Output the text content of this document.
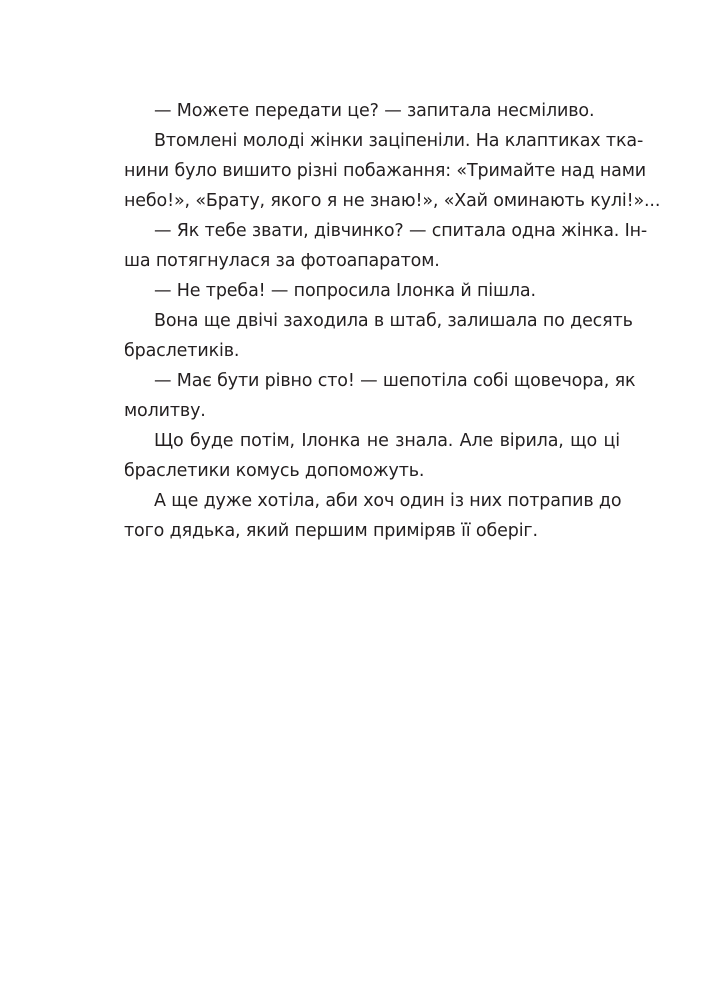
— Можете передати це? — запитала несміливо.
Втомлені молоді жінки заціпеніли. На клаптиках тка-
нини було вишито різні побажання: «Тримайте над нами
небо!», «Брату, якого я не знаю!», «Хай оминають кулі!»...
— Як тебе звати, дівчинко? — спитала одна жінка. Ін-
ша потягнулася за фотоапаратом.
— Не треба! — попросила Ілонка й пішла.
Вона ще двічі заходила в штаб, залишала по десять
браслетиків.
— Має бути рівно сто! — шепотіла собі щовечора, як
молитву.
Що буде потім, Ілонка не знала. Але вірила, що ці
браслетики комусь допоможуть.
А ще дуже хотіла, аби хоч один із них потрапив до
того дядька, який першим приміряв її оберіг.
